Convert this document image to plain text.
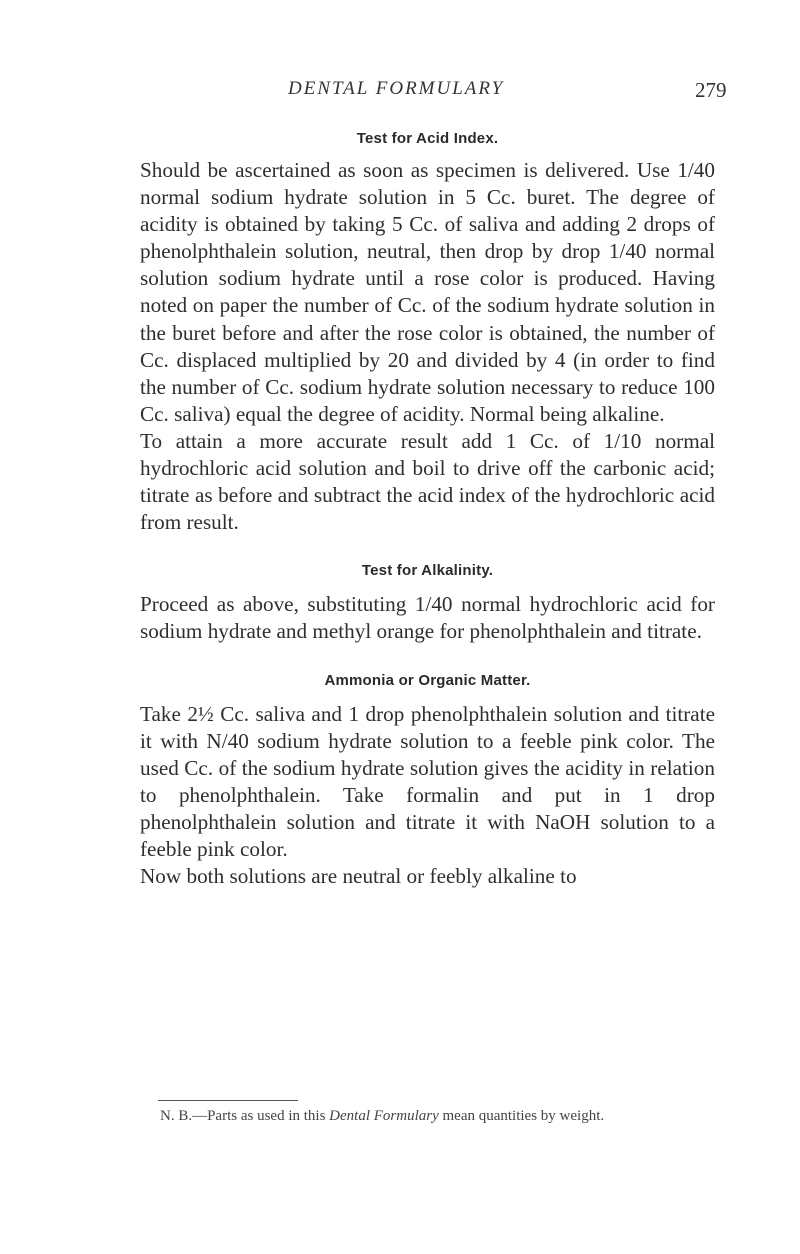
DENTAL FORMULARY	279
Test for Acid Index.

Should be ascertained as soon as specimen is delivered. Use 1/40 normal sodium hydrate solution in 5 Cc. buret. The degree of acidity is obtained by taking 5 Cc. of saliva and adding 2 drops of phenolphthalein solution, neutral, then drop by drop 1/40 normal solution sodium hydrate until a rose color is produced. Having noted on paper the number of Cc. of the sodium hydrate solution in the buret before and after the rose color is obtained, the number of Cc. displaced multiplied by 20 and divided by 4 (in order to find the number of Cc. sodium hydrate solution necessary to reduce 100 Cc. saliva) equal the degree of acidity. Normal being alkaline.

To attain a more accurate result add 1 Cc. of 1/10 normal hydrochloric acid solution and boil to drive off the carbonic acid; titrate as before and subtract the acid index of the hydrochloric acid from result.

Test for Alkalinity.

Proceed as above, substituting 1/40 normal hydrochloric acid for sodium hydrate and methyl orange for phenolphthalein and titrate.

Ammonia or Organic Matter.

Take 2½ Cc. saliva and 1 drop phenolphthalein solution and titrate it with N/40 sodium hydrate solution to a feeble pink color. The used Cc. of the sodium hydrate solution gives the acidity in relation to phenolphthalein. Take formalin and put in 1 drop phenolphthalein solution and titrate it with NaOH solution to a feeble pink color.

Now both solutions are neutral or feebly alkaline to

N. B.—Parts as used in this Dental Formulary mean quantities by weight.
